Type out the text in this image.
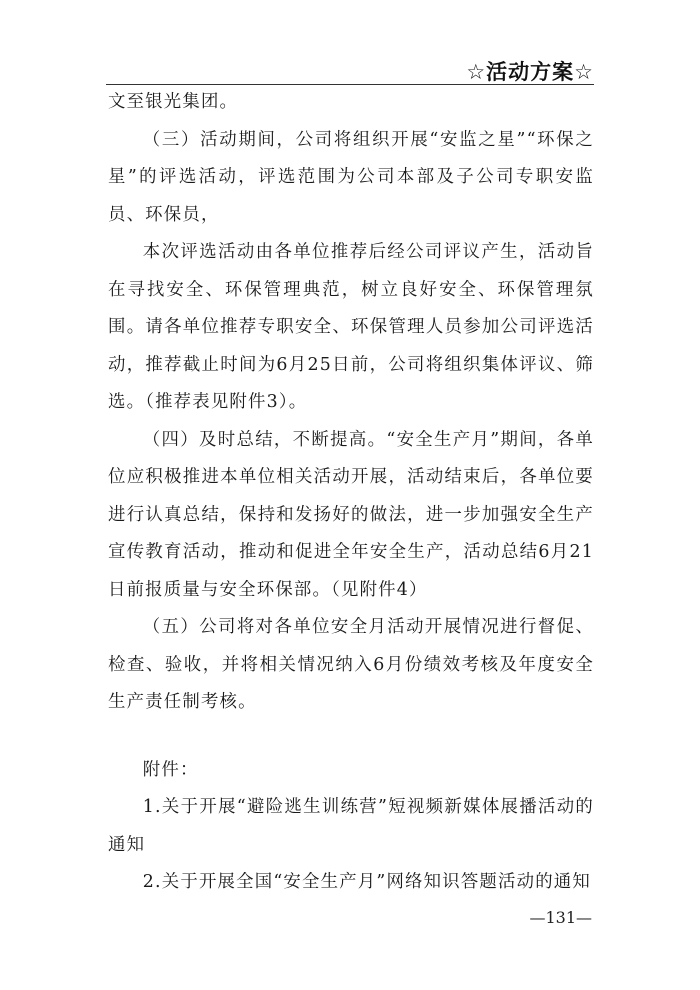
☆活动方案☆

文至银光集团。

（三）活动期间，公司将组织开展“安监之星”“环保之星”的评选活动，评选范围为公司本部及子公司专职安监员、环保员，

本次评选活动由各单位推荐后经公司评议产生，活动旨在寻找安全、环保管理典范，树立良好安全、环保管理氛围。请各单位推荐专职安全、环保管理人员参加公司评选活动，推荐截止时间为6月25日前，公司将组织集体评议、筛选。（推荐表见附件3）。

（四）及时总结，不断提高。“安全生产月”期间，各单位应积极推进本单位相关活动开展，活动结束后，各单位要进行认真总结，保持和发扬好的做法，进一步加强安全生产宣传教育活动，推动和促进全年安全生产，活动总结6月21日前报质量与安全环保部。（见附件4）

（五）公司将对各单位安全月活动开展情况进行督促、检查、验收，并将相关情况纳入6月份绩效考核及年度安全生产责任制考核。

附件：

1.关于开展“避险逃生训练营”短视频新媒体展播活动的通知

2.关于开展全国“安全生产月”网络知识答题活动的通知

—131—
